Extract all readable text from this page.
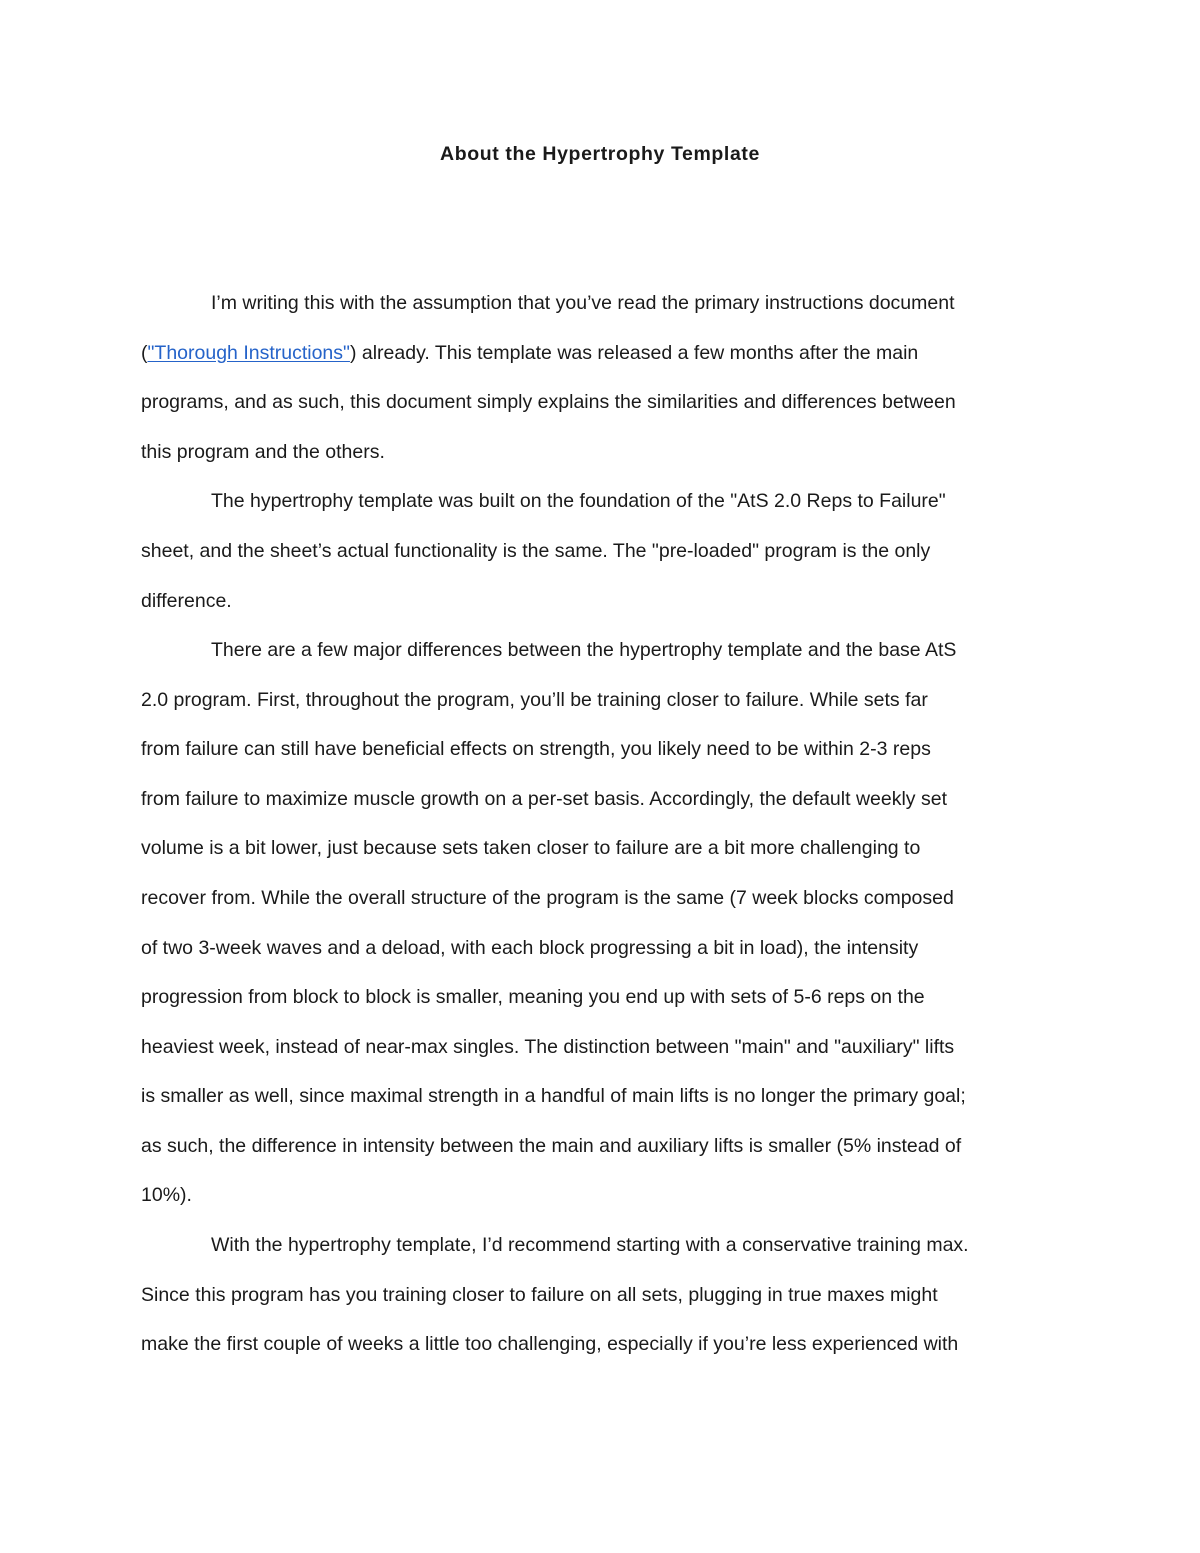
About the Hypertrophy Template
I’m writing this with the assumption that you’ve read the primary instructions document
("Thorough Instructions") already. This template was released a few months after the main
programs, and as such, this document simply explains the similarities and differences between
this program and the others.
The hypertrophy template was built on the foundation of the "AtS 2.0 Reps to Failure"
sheet, and the sheet’s actual functionality is the same. The "pre-loaded" program is the only
difference.
There are a few major differences between the hypertrophy template and the base AtS
2.0 program. First, throughout the program, you’ll be training closer to failure. While sets far
from failure can still have beneficial effects on strength, you likely need to be within 2-3 reps
from failure to maximize muscle growth on a per-set basis. Accordingly, the default weekly set
volume is a bit lower, just because sets taken closer to failure are a bit more challenging to
recover from. While the overall structure of the program is the same (7 week blocks composed
of two 3-week waves and a deload, with each block progressing a bit in load), the intensity
progression from block to block is smaller, meaning you end up with sets of 5-6 reps on the
heaviest week, instead of near-max singles. The distinction between "main" and "auxiliary" lifts
is smaller as well, since maximal strength in a handful of main lifts is no longer the primary goal;
as such, the difference in intensity between the main and auxiliary lifts is smaller (5% instead of
10%).
With the hypertrophy template, I’d recommend starting with a conservative training max.
Since this program has you training closer to failure on all sets, plugging in true maxes might
make the first couple of weeks a little too challenging, especially if you’re less experienced with
